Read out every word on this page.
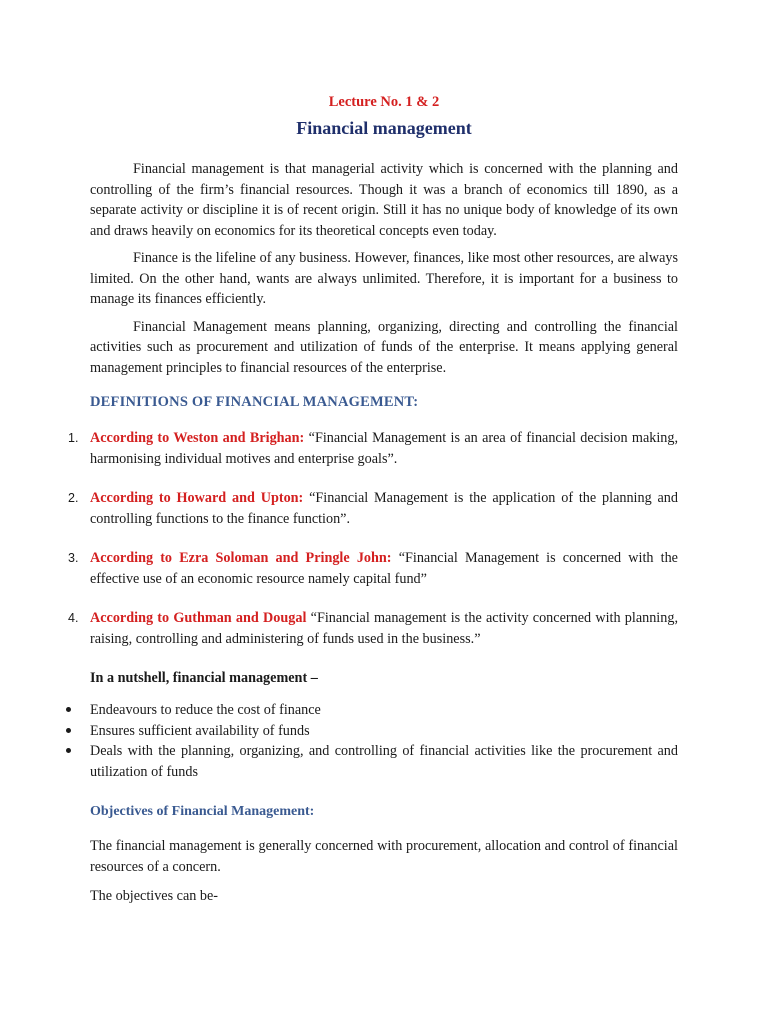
Lecture No. 1 & 2
Financial management

Financial management is that managerial activity which is concerned with the planning and controlling of the firm’s financial resources. Though it was a branch of economics till 1890, as a separate activity or discipline it is of recent origin. Still it has no unique body of knowledge of its own and draws heavily on economics for its theoretical concepts even today.

Finance is the lifeline of any business. However, finances, like most other resources, are always limited. On the other hand, wants are always unlimited. Therefore, it is important for a business to manage its finances efficiently.

Financial Management means planning, organizing, directing and controlling the financial activities such as procurement and utilization of funds of the enterprise. It means applying general management principles to financial resources of the enterprise.

DEFINITIONS OF FINANCIAL MANAGEMENT:
1. According to Weston and Brighan: “Financial Management is an area of financial decision making, harmonising individual motives and enterprise goals”.
2. According to Howard and Upton: “Financial Management is the application of the planning and controlling functions to the finance function”.
3. According to Ezra Soloman and Pringle John: “Financial Management is concerned with the effective use of an economic resource namely capital fund”
4. According to Guthman and Dougal “Financial management is the activity concerned with planning, raising, controlling and administering of funds used in the business.”
In a nutshell, financial management –
Endeavours to reduce the cost of finance
Ensures sufficient availability of funds
Deals with the planning, organizing, and controlling of financial activities like the procurement and utilization of funds
Objectives of Financial Management:

The financial management is generally concerned with procurement, allocation and control of financial resources of a concern.

The objectives can be-
